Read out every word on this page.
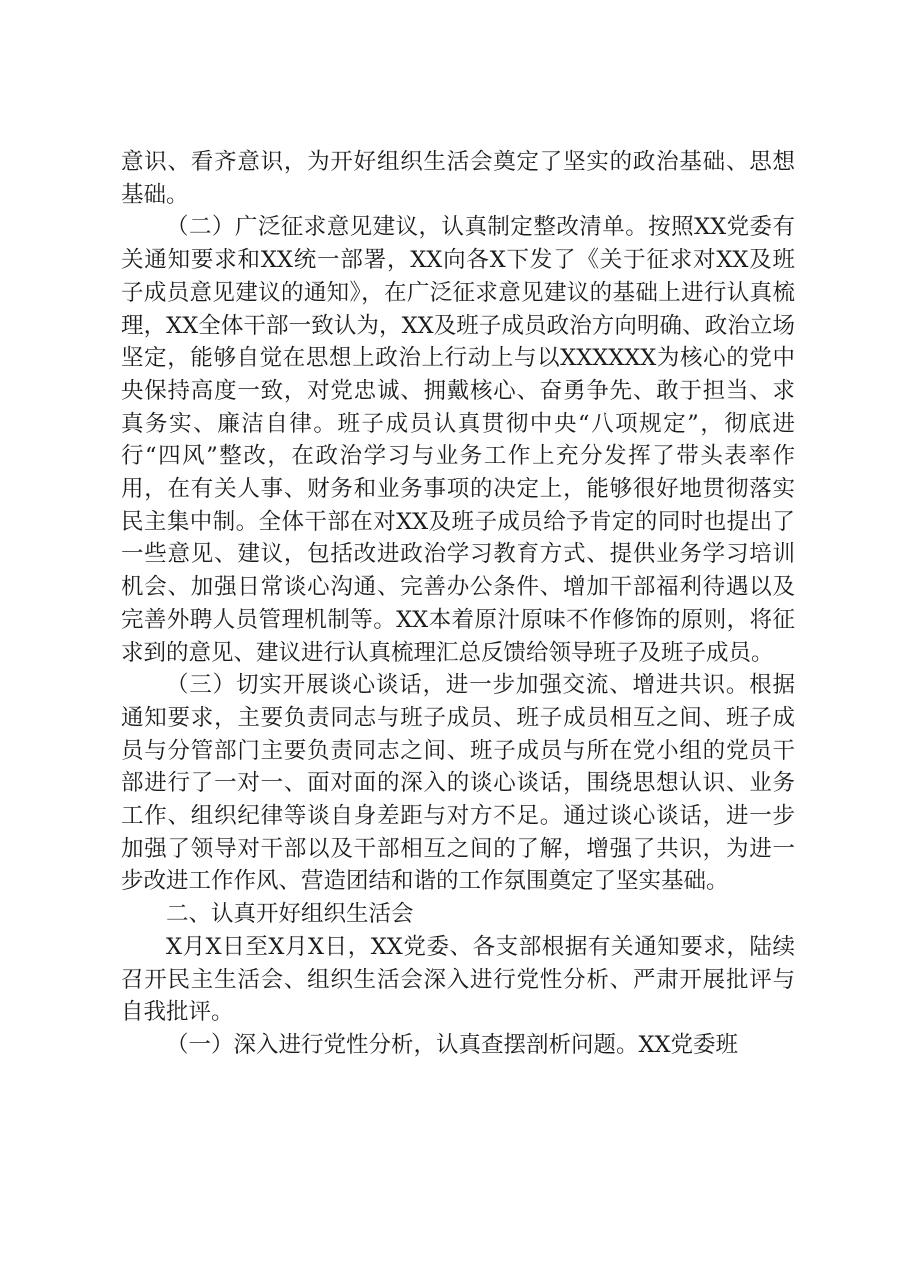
意识、看齐意识，为开好组织生活会奠定了坚实的政治基础、思想基础。

（二）广泛征求意见建议，认真制定整改清单。按照XX党委有关通知要求和XX统一部署，XX向各X下发了《关于征求对XX及班子成员意见建议的通知》，在广泛征求意见建议的基础上进行认真梳理，XX全体干部一致认为，XX及班子成员政治方向明确、政治立场坚定，能够自觉在思想上政治上行动上与以XXXXXX为核心的党中央保持高度一致，对党忠诚、拥戴核心、奋勇争先、敢于担当、求真务实、廉洁自律。班子成员认真贯彻中央“八项规定”，彻底进行“四风”整改，在政治学习与业务工作上充分发挥了带头表率作用，在有关人事、财务和业务事项的决定上，能够很好地贯彻落实民主集中制。全体干部在对XX及班子成员给予肯定的同时也提出了一些意见、建议，包括改进政治学习教育方式、提供业务学习培训机会、加强日常谈心沟通、完善办公条件、增加干部福利待遇以及完善外聘人员管理机制等。XX本着原汁原味不作修饰的原则，将征求到的意见、建议进行认真梳理汇总反馈给领导班子及班子成员。

（三）切实开展谈心谈话，进一步加强交流、增进共识。根据通知要求，主要负责同志与班子成员、班子成员相互之间、班子成员与分管部门主要负责同志之间、班子成员与所在党小组的党员干部进行了一对一、面对面的深入的谈心谈话，围绕思想认识、业务工作、组织纪律等谈自身差距与对方不足。通过谈心谈话，进一步加强了领导对干部以及干部相互之间的了解，增强了共识，为进一步改进工作作风、营造团结和谐的工作氛围奠定了坚实基础。

二、认真开好组织生活会

X月X日至X月X日，XX党委、各支部根据有关通知要求，陆续召开民主生活会、组织生活会深入进行党性分析、严肃开展批评与自我批评。

（一）深入进行党性分析，认真查摆剖析问题。XX党委班
